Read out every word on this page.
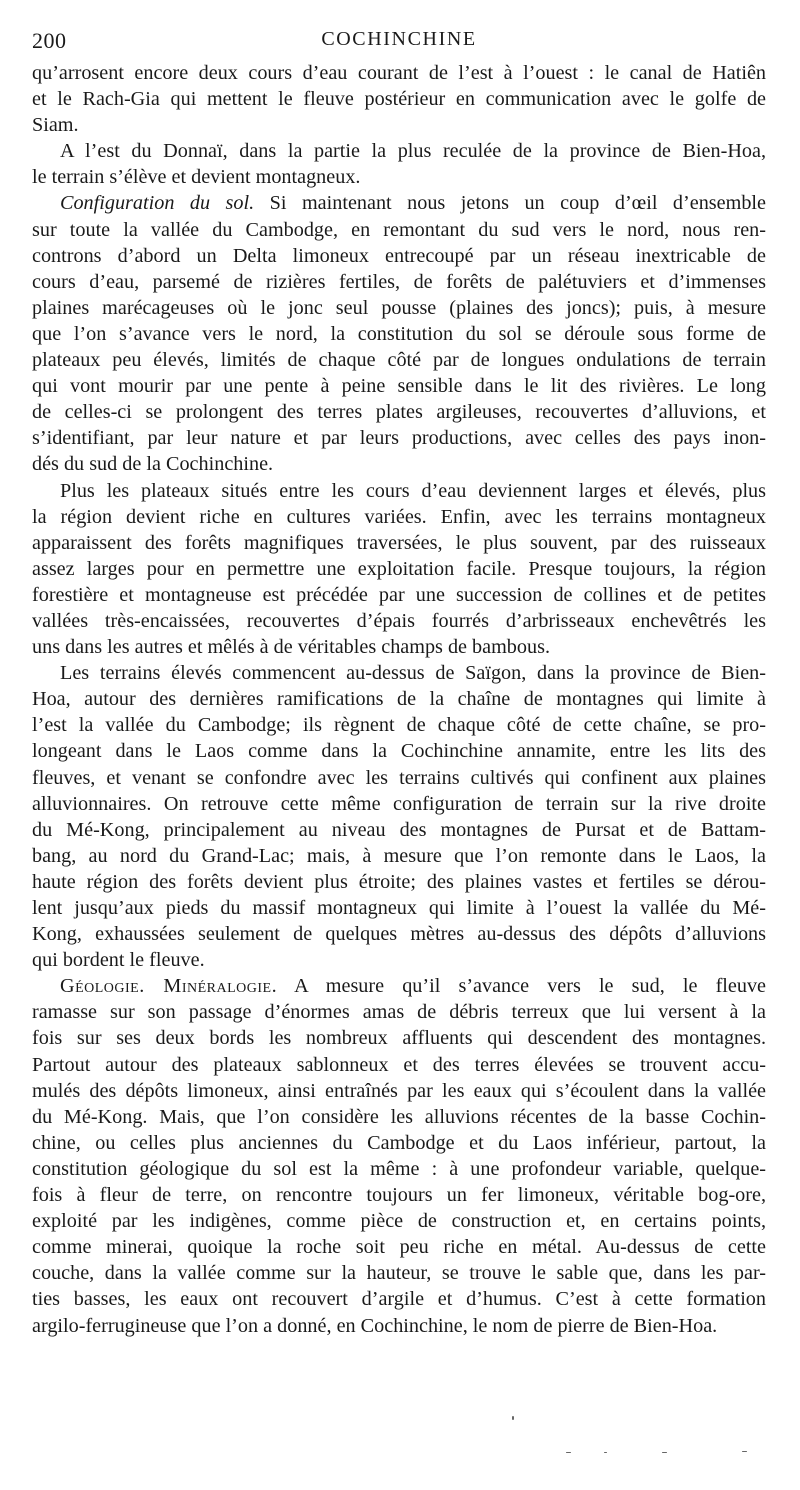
200	COCHINCHINE
qu’arrosent encore deux cours d’eau courant de l’est à l’ouest : le canal de Hatiên
et le Rach-Gia qui mettent le fleuve postérieur en communication avec le golfe de
Siam.
A l’est du Donnaï, dans la partie la plus reculée de la province de Bien-Hoa,
le terrain s’élève et devient montagneux.
Configuration du sol. Si maintenant nous jetons un coup d’œil d’ensemble
sur toute la vallée du Cambodge, en remontant du sud vers le nord, nous ren-
controns d’abord un Delta limoneux entrecoupé par un réseau inextricable de
cours d’eau, parsemé de rizières fertiles, de forêts de palétuviers et d’immenses
plaines marécageuses où le jonc seul pousse (plaines des joncs); puis, à mesure
que l’on s’avance vers le nord, la constitution du sol se déroule sous forme de
plateaux peu élevés, limités de chaque côté par de longues ondulations de terrain
qui vont mourir par une pente à peine sensible dans le lit des rivières. Le long
de celles-ci se prolongent des terres plates argileuses, recouvertes d’alluvions, et
s’identifiant, par leur nature et par leurs productions, avec celles des pays inon-
dés du sud de la Cochinchine.
Plus les plateaux situés entre les cours d’eau deviennent larges et élevés, plus
la région devient riche en cultures variées. Enfin, avec les terrains montagneux
apparaissent des forêts magnifiques traversées, le plus souvent, par des ruisseaux
assez larges pour en permettre une exploitation facile. Presque toujours, la région
forestière et montagneuse est précédée par une succession de collines et de petites
vallées très-encaissées, recouvertes d’épais fourrés d’arbrisseaux enchevêtrés les
uns dans les autres et mêlés à de véritables champs de bambous.
Les terrains élevés commencent au-dessus de Saïgon, dans la province de Bien-
Hoa, autour des dernières ramifications de la chaîne de montagnes qui limite à
l’est la vallée du Cambodge; ils règnent de chaque côté de cette chaîne, se pro-
longeant dans le Laos comme dans la Cochinchine annamite, entre les lits des
fleuves, et venant se confondre avec les terrains cultivés qui confinent aux plaines
alluvionnaires. On retrouve cette même configuration de terrain sur la rive droite
du Mé-Kong, principalement au niveau des montagnes de Pursat et de Battam-
bang, au nord du Grand-Lac; mais, à mesure que l’on remonte dans le Laos, la
haute région des forêts devient plus étroite; des plaines vastes et fertiles se dérou-
lent jusqu’aux pieds du massif montagneux qui limite à l’ouest la vallée du Mé-
Kong, exhaussées seulement de quelques mètres au-dessus des dépôts d’alluvions
qui bordent le fleuve.
Géologie. Minéralogie. A mesure qu’il s’avance vers le sud, le fleuve
ramasse sur son passage d’énormes amas de débris terreux que lui versent à la
fois sur ses deux bords les nombreux affluents qui descendent des montagnes.
Partout autour des plateaux sablonneux et des terres élevées se trouvent accu-
mulés des dépôts limoneux, ainsi entraînés par les eaux qui s’écoulent dans la vallée
du Mé-Kong. Mais, que l’on considère les alluvions récentes de la basse Cochin-
chine, ou celles plus anciennes du Cambodge et du Laos inférieur, partout, la
constitution géologique du sol est la même : à une profondeur variable, quelque-
fois à fleur de terre, on rencontre toujours un fer limoneux, véritable bog-ore,
exploité par les indigènes, comme pièce de construction et, en certains points,
comme minerai, quoique la roche soit peu riche en métal. Au-dessus de cette
couche, dans la vallée comme sur la hauteur, se trouve le sable que, dans les par-
ties basses, les eaux ont recouvert d’argile et d’humus. C’est à cette formation
argilo-ferrugineuse que l’on a donné, en Cochinchine, le nom de pierre de Bien-Hoa.
